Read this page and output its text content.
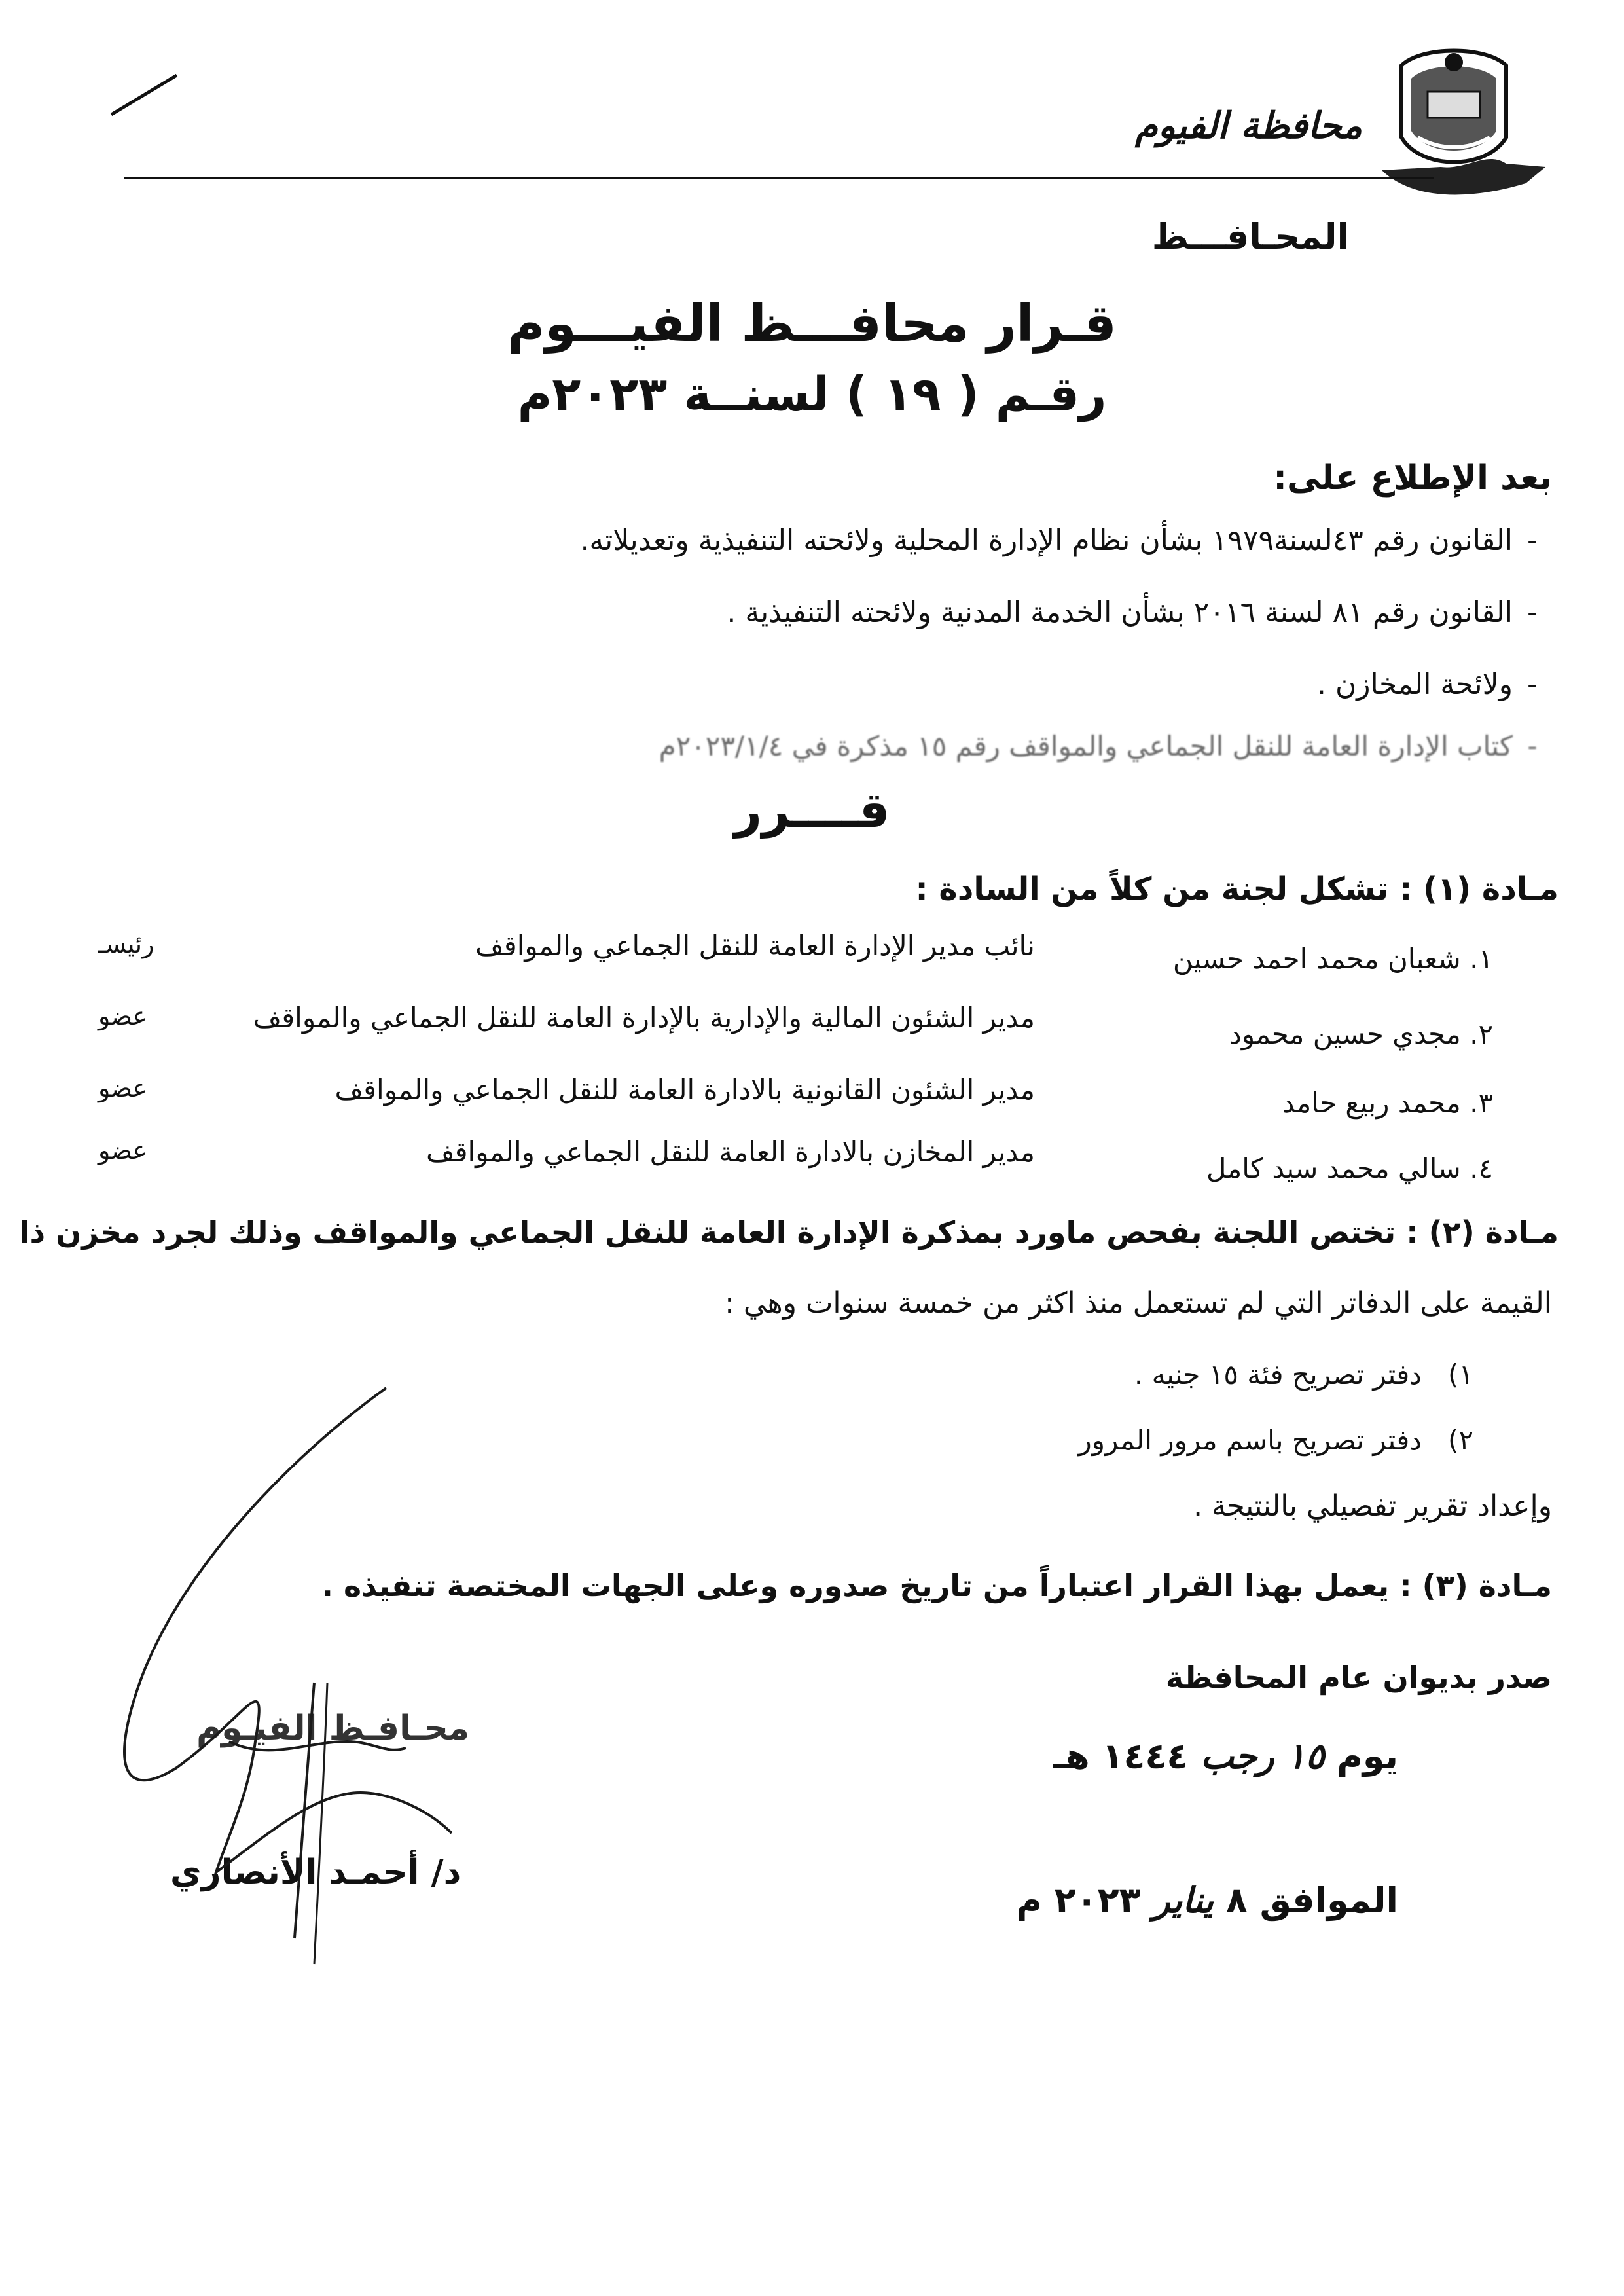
محافظة الفيوم
المحـافـــظ
قـرار محافـــظ الفيـــوم
رقـم ( ١٩ ) لسنــة ٢٠٢٣م
بعد الإطلاع على:
-القانون رقم ٤٣لسنة١٩٧٩ بشأن نظام الإدارة المحلية ولائحته التنفيذية وتعديلاته.
-القانون رقم ٨١ لسنة ٢٠١٦ بشأن الخدمة المدنية ولائحته التنفيذية .
-ولائحة المخازن .
-كتاب الإدارة العامة للنقل الجماعي والمواقف رقم ١٥ مذكرة في ٢٠٢٣/١/٤م
قــــرر
مـادة (١) : تشكل لجنة من كلاً من السادة :
١. شعبان محمد احمد حسين
نائب مدير الإدارة العامة للنقل الجماعي والمواقف
رئيسـ
٢. مجدي حسين محمود
مدير الشئون المالية والإدارية بالإدارة العامة للنقل الجماعي والمواقف
عضو
٣. محمد ربيع حامد
مدير الشئون القانونية بالادارة العامة للنقل الجماعي والمواقف
عضو
٤. سالي محمد سيد كامل
مدير المخازن بالادارة العامة للنقل الجماعي والمواقف
عضو
مـادة (٢) : تختص اللجنة بفحص ماورد بمذكرة الإدارة العامة للنقل الجماعي والمواقف وذلك لجرد مخزن ذا
القيمة على الدفاتر التي لم تستعمل منذ اكثر من خمسة سنوات وهي :
١)   دفتر تصريح فئة ١٥ جنيه .
٢)   دفتر تصريح باسم مرور المرور
وإعداد تقرير تفصيلي بالنتيجة .
مـادة (٣) : يعمل بهذا القرار اعتباراً من تاريخ صدوره وعلى الجهات المختصة تنفيذه .
صدر بديوان عام المحافظة
يوم ١٥ رجب ١٤٤٤ هـ
الموافق ٨ يناير ٢٠٢٣ م
محـافـظ الفيـوم
د/ أحمـد الأنصاري
